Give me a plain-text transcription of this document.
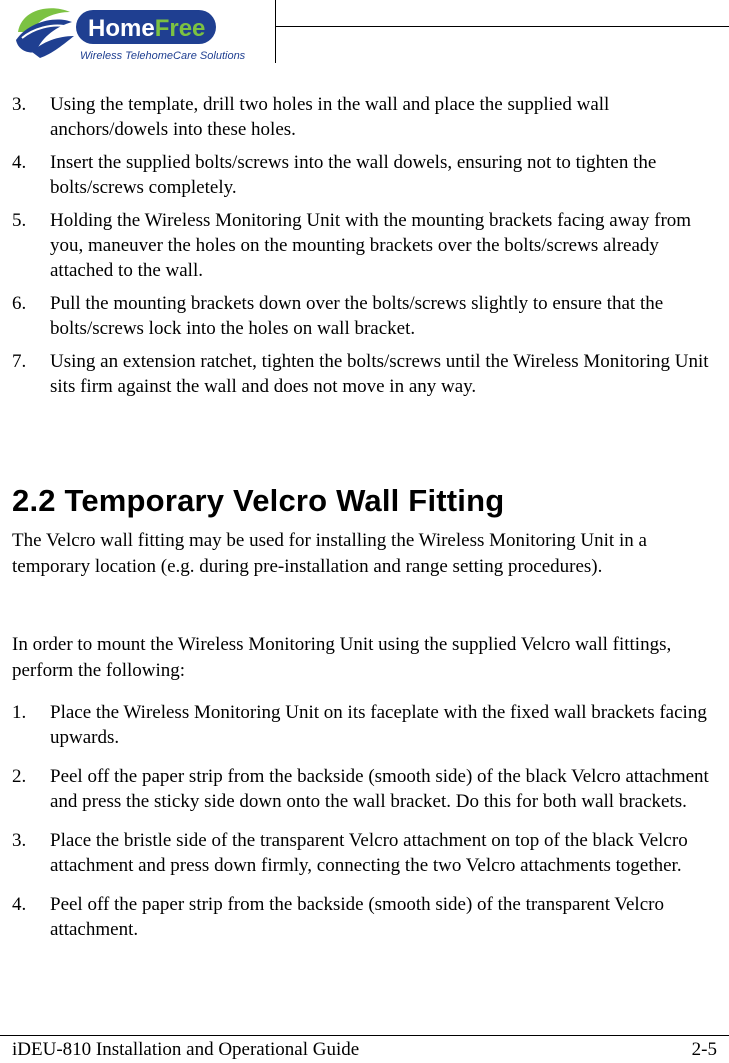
HomeFree
Wireless TelehomeCare Solutions
3. Using the template, drill two holes in the wall and place the supplied wall anchors/dowels into these holes.
4. Insert the supplied bolts/screws into the wall dowels, ensuring not to tighten the bolts/screws completely.
5. Holding the Wireless Monitoring Unit with the mounting brackets facing away from you, maneuver the holes on the mounting brackets over the bolts/screws already attached to the wall.
6. Pull the mounting brackets down over the bolts/screws slightly to ensure that the bolts/screws lock into the holes on wall bracket.
7. Using an extension ratchet, tighten the bolts/screws until the Wireless Monitoring Unit sits firm against the wall and does not move in any way.
2.2 Temporary Velcro Wall Fitting

The Velcro wall fitting may be used for installing the Wireless Monitoring Unit in a temporary location (e.g. during pre-installation and range setting procedures).

In order to mount the Wireless Monitoring Unit using the supplied Velcro wall fittings, perform the following:

1. Place the Wireless Monitoring Unit on its faceplate with the fixed wall brackets facing upwards.
2. Peel off the paper strip from the backside (smooth side) of the black Velcro attachment and press the sticky side down onto the wall bracket. Do this for both wall brackets.
3. Place the bristle side of the transparent Velcro attachment on top of the black Velcro attachment and press down firmly, connecting the two Velcro attachments together.
4. Peel off the paper strip from the backside (smooth side) of the transparent Velcro attachment.
iDEU-810 Installation and Operational Guide	2-5
